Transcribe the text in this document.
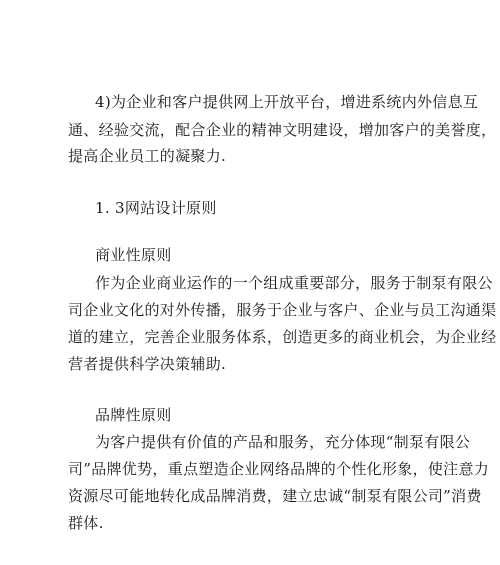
4)为企业和客户提供网上开放平台，增进系统内外信息互
通、经验交流，配合企业的精神文明建设，增加客户的美誉度，
提高企业员工的凝聚力.
1. 3网站设计原则
商业性原则
作为企业商业运作的一个组成重要部分，服务于制泵有限公
司企业文化的对外传播，服务于企业与客户、企业与员工沟通渠
道的建立，完善企业服务体系，创造更多的商业机会，为企业经
营者提供科学决策辅助.
品牌性原则
为客户提供有价值的产品和服务，充分体现“制泵有限公
司”品牌优势，重点塑造企业网络品牌的个性化形象，使注意力
资源尽可能地转化成品牌消费，建立忠诚“制泵有限公司”消费
群体.
